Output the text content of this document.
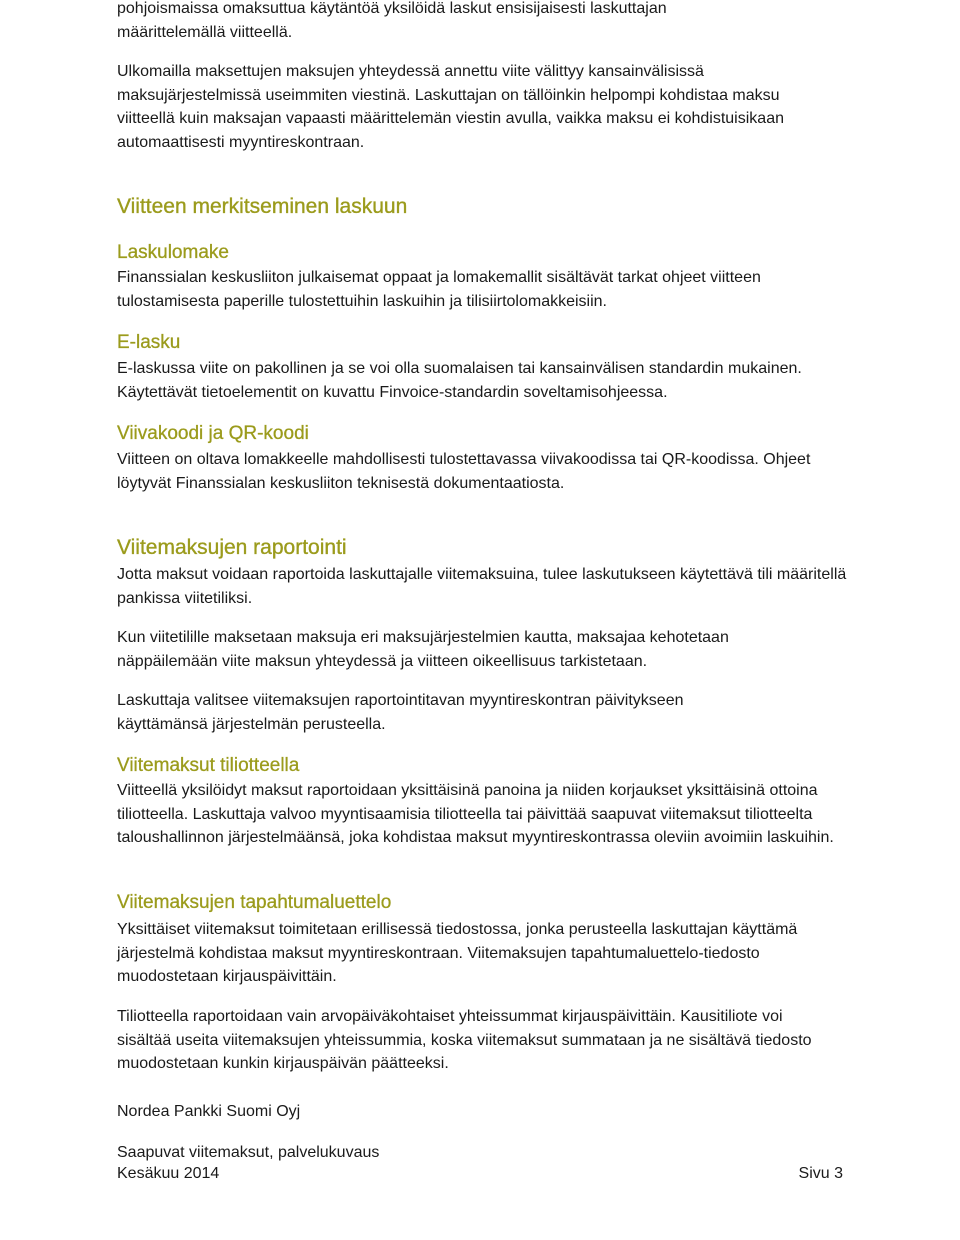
pohjoismaissa omaksuttua käytäntöä yksilöidä laskut ensisijaisesti laskuttajan määrittelemällä viitteellä.

Ulkomailla maksettujen maksujen yhteydessä annettu viite välittyy kansainvälisissä maksujärjestelmissä useimmiten viestinä. Laskuttajan on tällöinkin helpompi kohdistaa maksu viitteellä kuin maksajan vapaasti määrittelemän viestin avulla, vaikka maksu ei kohdistuisikaan automaattisesti myyntireskontraan.

Viitteen merkitseminen laskuun
Laskulomake

Finanssialan keskusliiton julkaisemat oppaat ja lomakemallit sisältävät tarkat ohjeet viitteen tulostamisesta paperille tulostettuihin laskuihin ja tilisiirtolomakkeisiin.

E-lasku

E-laskussa viite on pakollinen ja se voi olla suomalaisen tai kansainvälisen standardin mukainen. Käytettävät tietoelementit on kuvattu Finvoice-standardin soveltamisohjeessa.

Viivakoodi ja QR-koodi

Viitteen on oltava lomakkeelle mahdollisesti tulostettavassa viivakoodissa tai QR-koodissa. Ohjeet löytyvät Finanssialan keskusliiton teknisestä dokumentaatiosta.

Viitemaksujen raportointi

Jotta maksut voidaan raportoida laskuttajalle viitemaksuina, tulee laskutukseen käytettävä tili määritellä pankissa viitetiliksi.

Kun viitetilille maksetaan maksuja eri maksujärjestelmien kautta, maksajaa kehotetaan näppäilemään viite maksun yhteydessä ja viitteen oikeellisuus tarkistetaan.

Laskuttaja valitsee viitemaksujen raportointitavan myyntireskontran päivitykseen käyttämänsä järjestelmän perusteella.

Viitemaksut tiliotteella

Viitteellä yksilöidyt maksut raportoidaan yksittäisinä panoina ja niiden korjaukset yksittäisinä ottoina tiliotteella. Laskuttaja valvoo myyntisaamisia tiliotteella tai päivittää saapuvat viitemaksut tiliotteelta taloushallinnon järjestelmäänsä, joka kohdistaa maksut myyntireskontrassa oleviin avoimiin laskuihin.

Viitemaksujen tapahtumaluettelo

Yksittäiset viitemaksut toimitetaan erillisessä tiedostossa, jonka perusteella laskuttajan käyttämä järjestelmä kohdistaa maksut myyntireskontraan. Viitemaksujen tapahtumaluettelo-tiedosto muodostetaan kirjauspäivittäin.

Tiliotteella raportoidaan vain arvopäiväkohtaiset yhteissummat kirjauspäivittäin. Kausitiliote voi sisältää useita viitemaksujen yhteissummia, koska viitemaksut summataan ja ne sisältävä tiedosto muodostetaan kunkin kirjauspäivän päätteeksi.

Nordea Pankki Suomi Oyj

Saapuvat viitemaksut, palvelukuvaus
Kesäkuu 2014	Sivu 3
